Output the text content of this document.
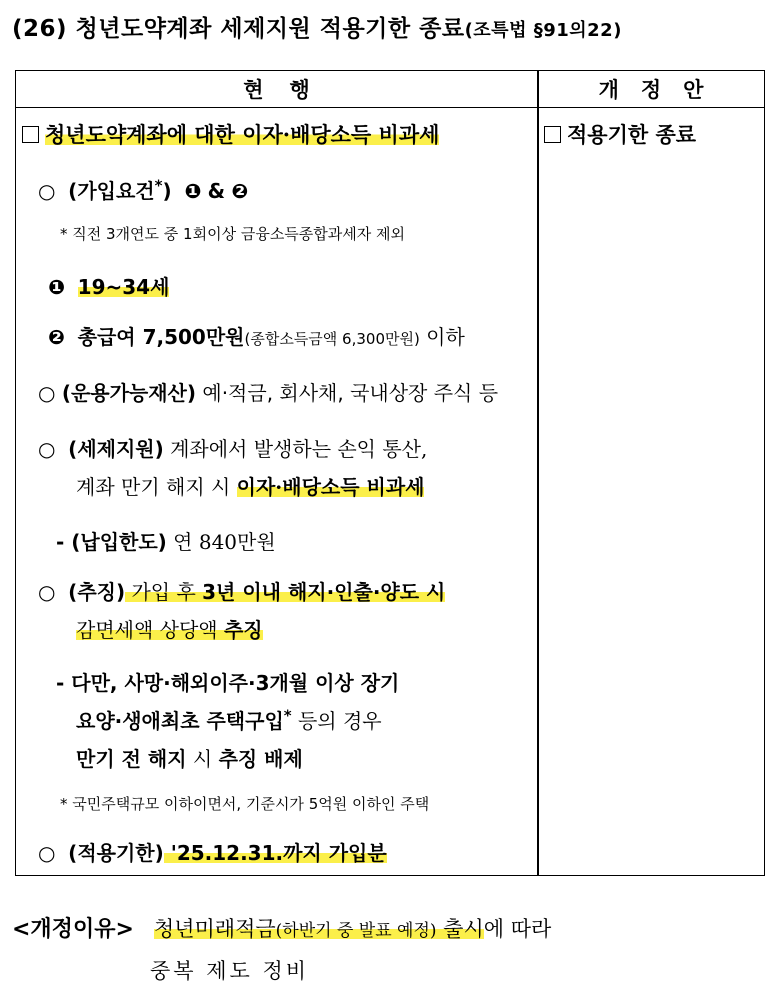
(26) 청년도약계좌 세제지원 적용기한 종료(조특법 §91의22)
현행	개정안
청년도약계좌에 대한 이자·배당소득 비과세
○ (가입요건*) ❶ & ❷
* 직전 3개연도 중 1회이상 금융소득종합과세자 제외
❶ 19~34세
❷ 총급여 7,500만원(종합소득금액 6,300만원) 이하
○ (운용가능재산) 예·적금, 회사채, 국내상장 주식 등
○ (세제지원) 계좌에서 발생하는 손익 통산,
계좌 만기 해지 시 이자·배당소득 비과세
- (납입한도) 연 840만원
○ (추징) 가입 후 3년 이내 해지·인출·양도 시
감면세액 상당액 추징
- 다만, 사망·해외이주·3개월 이상 장기
요양·생애최초 주택구입* 등의 경우
만기 전 해지 시 추징 배제
* 국민주택규모 이하이면서, 기준시가 5억원 이하인 주택
○ (적용기한) '25.12.31.까지 가입분
적용기한 종료
<개정이유> 청년미래적금(하반기 중 발표 예정) 출시에 따라
중복 제도 정비
